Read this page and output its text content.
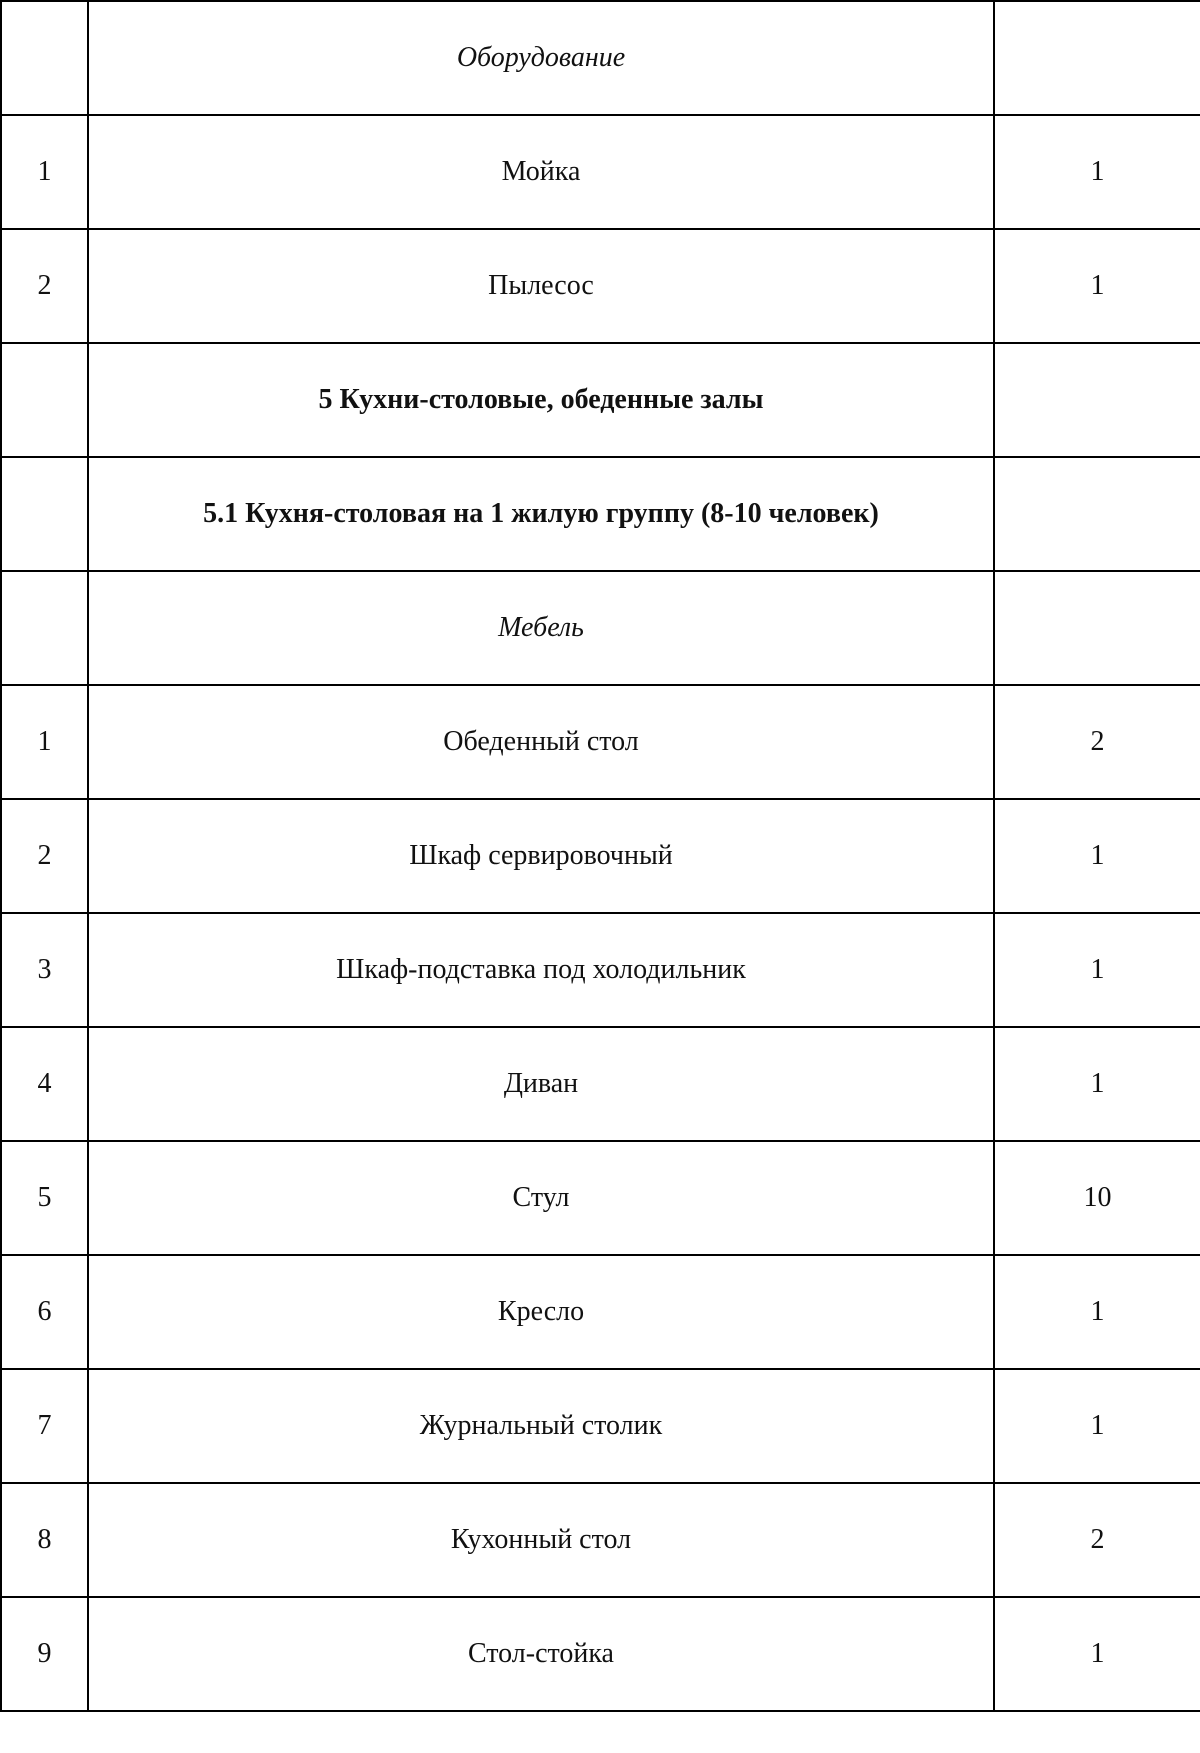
	Оборудование	
1	Мойка	1
2	Пылесос	1
	5 Кухни-столовые, обеденные залы	
	5.1 Кухня-столовая на 1 жилую группу (8-10 человек)	
	Мебель	
1	Обеденный стол	2
2	Шкаф сервировочный	1
3	Шкаф-подставка под холодильник	1
4	Диван	1
5	Стул	10
6	Кресло	1
7	Журнальный столик	1
8	Кухонный стол	2
9	Стол-стойка	1
